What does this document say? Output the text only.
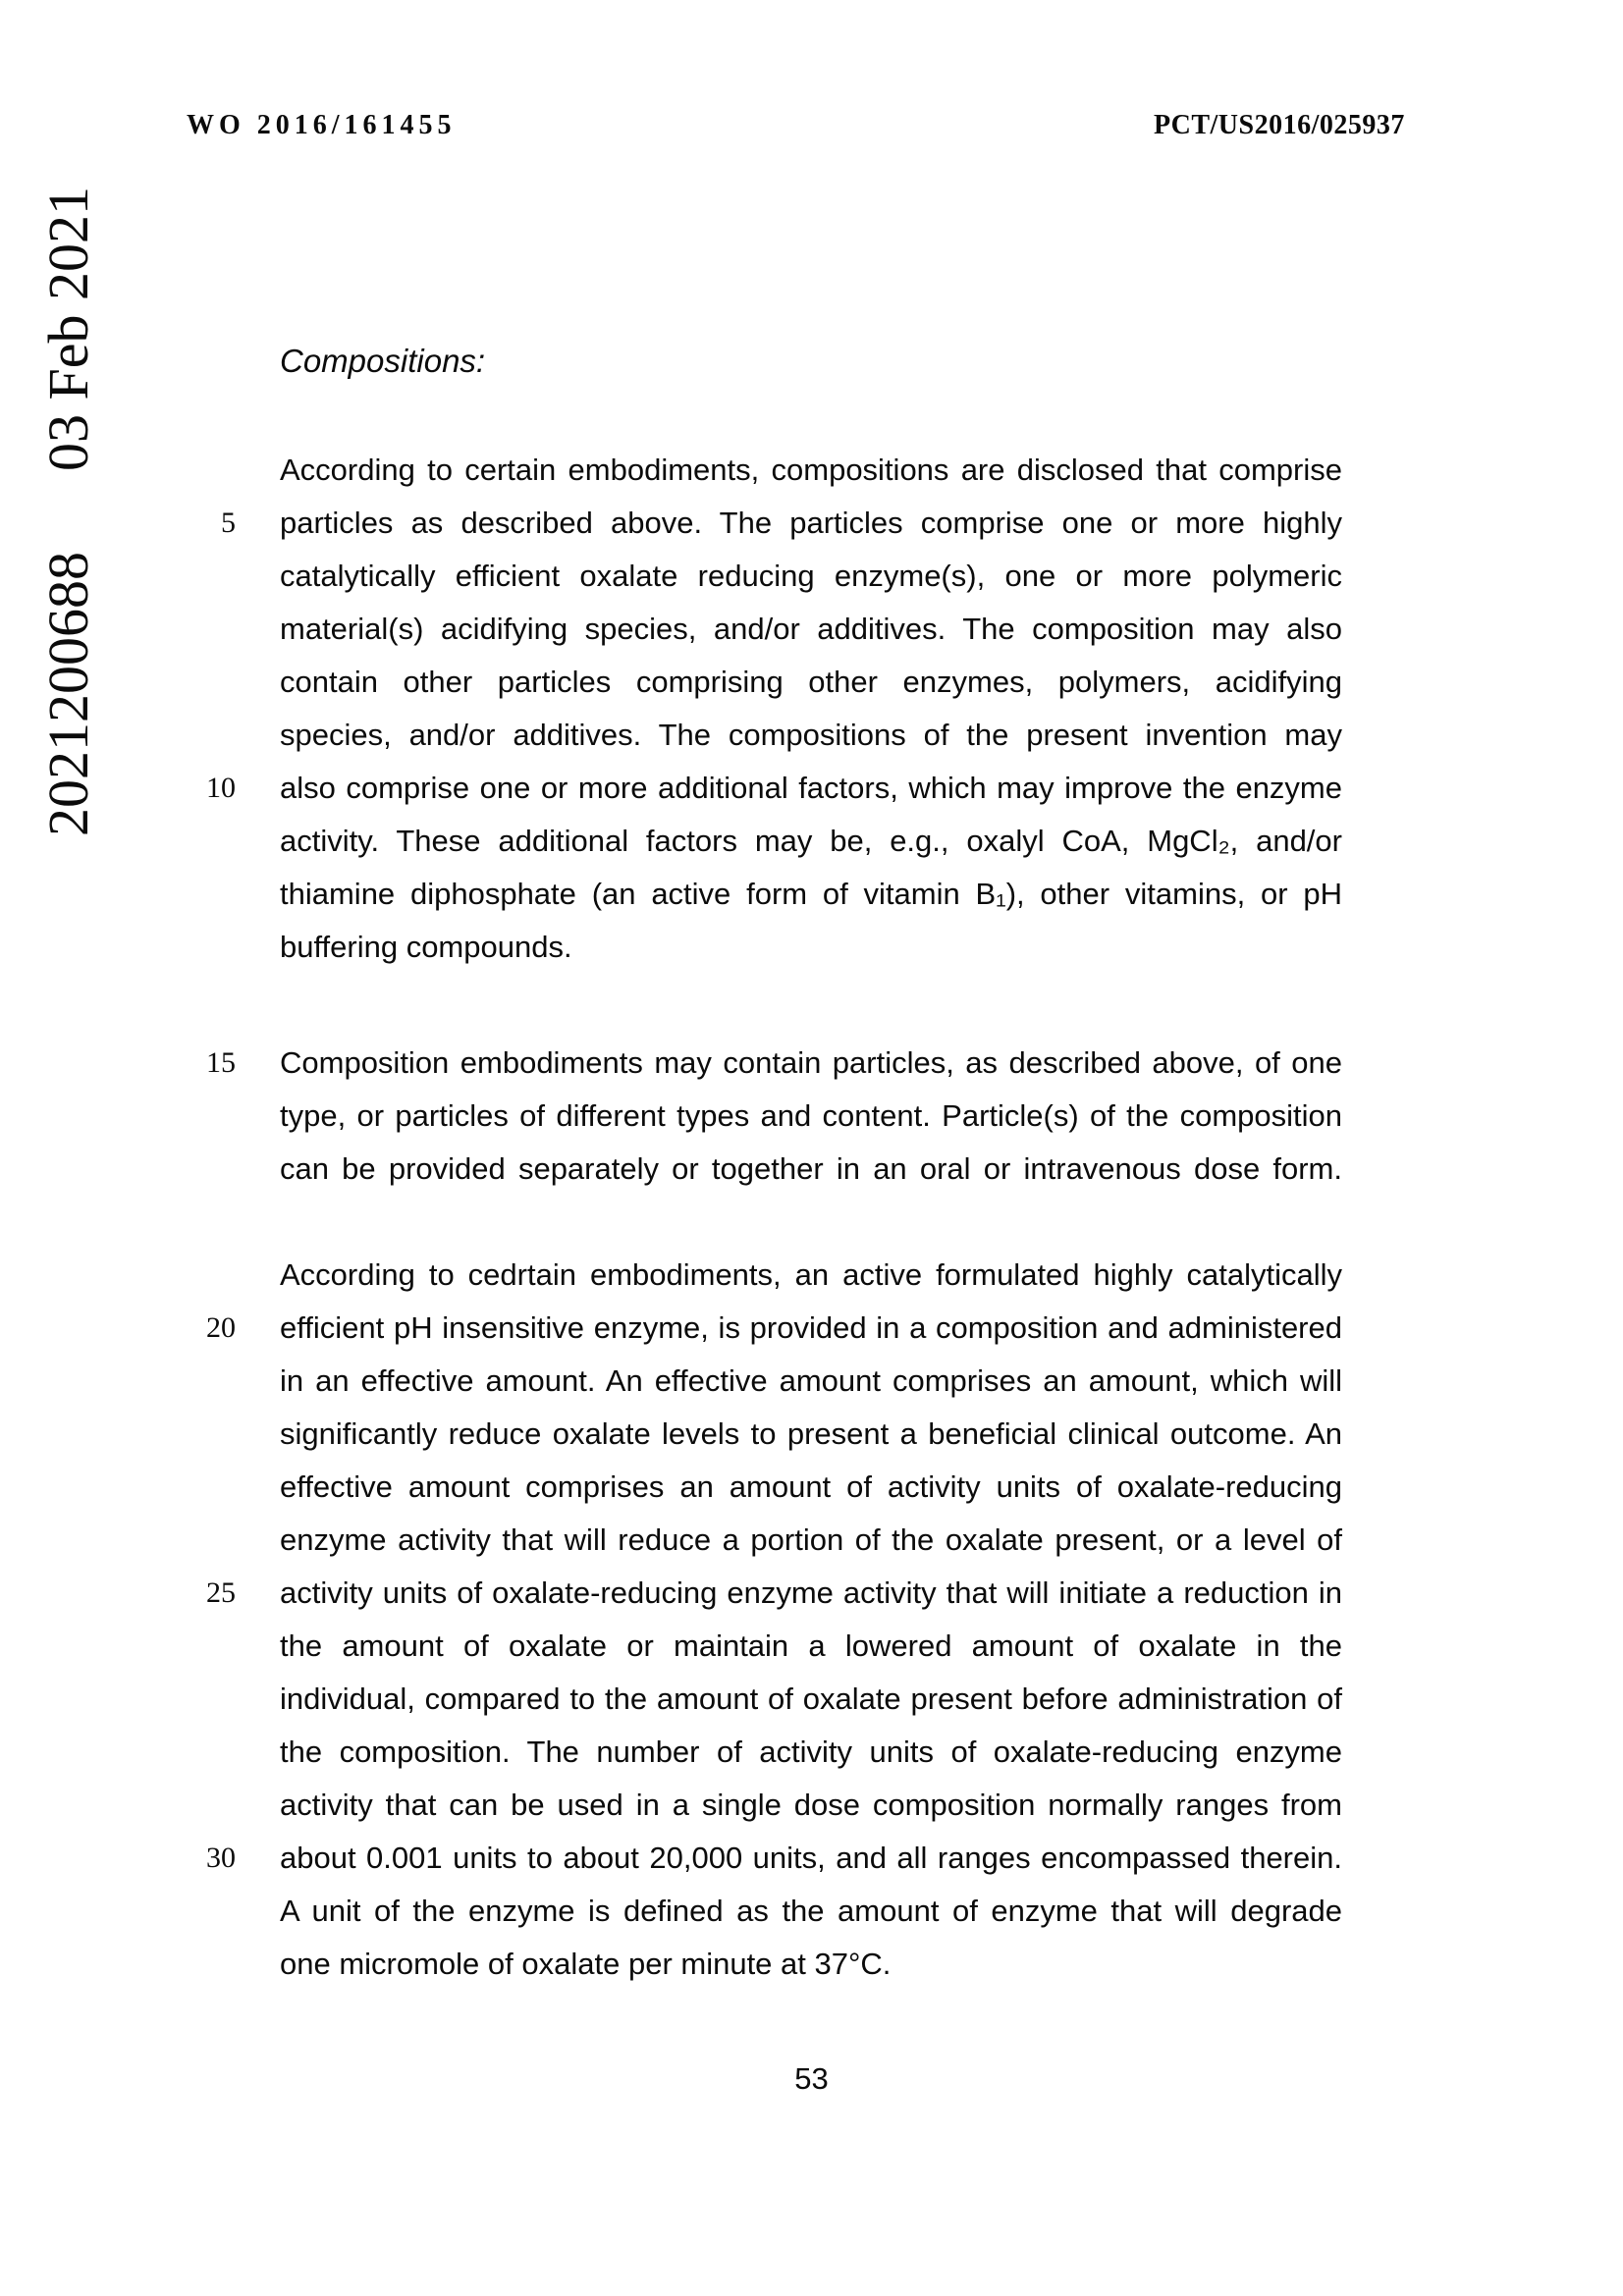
WO 2016/161455	PCT/US2016/025937
2021200688
03 Feb 2021	Compositions:
5
10
15
20
25
30
According to certain embodiments, compositions are disclosed that comprise
particles as described above. The particles comprise one or more highly
catalytically efficient oxalate reducing enzyme(s), one or more polymeric
material(s) acidifying species, and/or additives. The composition may also
contain other particles comprising other enzymes, polymers, acidifying
species, and/or additives. The compositions of the present invention may
also comprise one or more additional factors, which may improve the enzyme
activity. These additional factors may be, e.g., oxalyl CoA, MgCl₂, and/or
thiamine diphosphate (an active form of vitamin B₁), other vitamins, or pH
buffering compounds.
Composition embodiments may contain particles, as described above, of one
type, or particles of different types and content. Particle(s) of the composition
can be provided separately or together in an oral or intravenous dose form.
According to cedrtain embodiments, an active formulated highly catalytically
efficient pH insensitive enzyme, is provided in a composition and administered
in an effective amount. An effective amount comprises an amount, which will
significantly reduce oxalate levels to present a beneficial clinical outcome. An
effective amount comprises an amount of activity units of oxalate-reducing
enzyme activity that will reduce a portion of the oxalate present, or a level of
activity units of oxalate-reducing enzyme activity that will initiate a reduction in
the amount of oxalate or maintain a lowered amount of oxalate in the
individual, compared to the amount of oxalate present before administration of
the composition. The number of activity units of oxalate-reducing enzyme
activity that can be used in a single dose composition normally ranges from
about 0.001 units to about 20,000 units, and all ranges encompassed therein.
A unit of the enzyme is defined as the amount of enzyme that will degrade
one micromole of oxalate per minute at 37°C.
53
